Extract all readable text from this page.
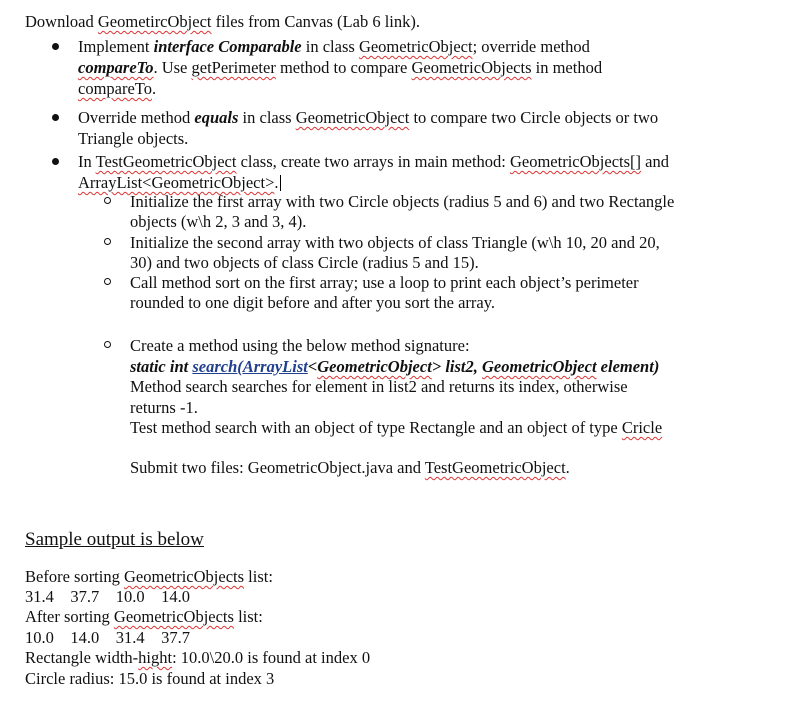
Download GeometircObject files from Canvas (Lab 6 link).
Implement interface Comparable in class GeometricObject; override method
compareTo. Use getPerimeter method to compare GeometricObjects in method
compareTo.
Override method equals in class GeometricObject to compare two Circle objects or two
Triangle objects.
In TestGeometricObject class, create two arrays in main method: GeometricObjects[] and
ArrayList<GeometricObject>.
Initialize the first array with two Circle objects (radius 5 and 6) and two Rectangle
objects (w\h 2, 3 and 3, 4).
Initialize the second array with two objects of class Triangle (w\h 10, 20 and 20,
30) and two objects of class Circle (radius 5 and 15).
Call method sort on the first array; use a loop to print each object’s perimeter
rounded to one digit before and after you sort the array.
Create a method using the below method signature:
static int search(ArrayList<GeometricObject> list2, GeometricObject element)
Method search searches for element in list2 and returns its index, otherwise
returns -1.
Test method search with an object of type Rectangle and an object of type Cricle
Submit two files: GeometricObject.java and TestGeometricObject.
Sample output is below
Before sorting GeometricObjects list:
31.4    37.7    10.0    14.0
After sorting GeometricObjects list:
10.0    14.0    31.4    37.7
Rectangle width-hight: 10.0\20.0 is found at index 0
Circle radius: 15.0 is found at index 3
